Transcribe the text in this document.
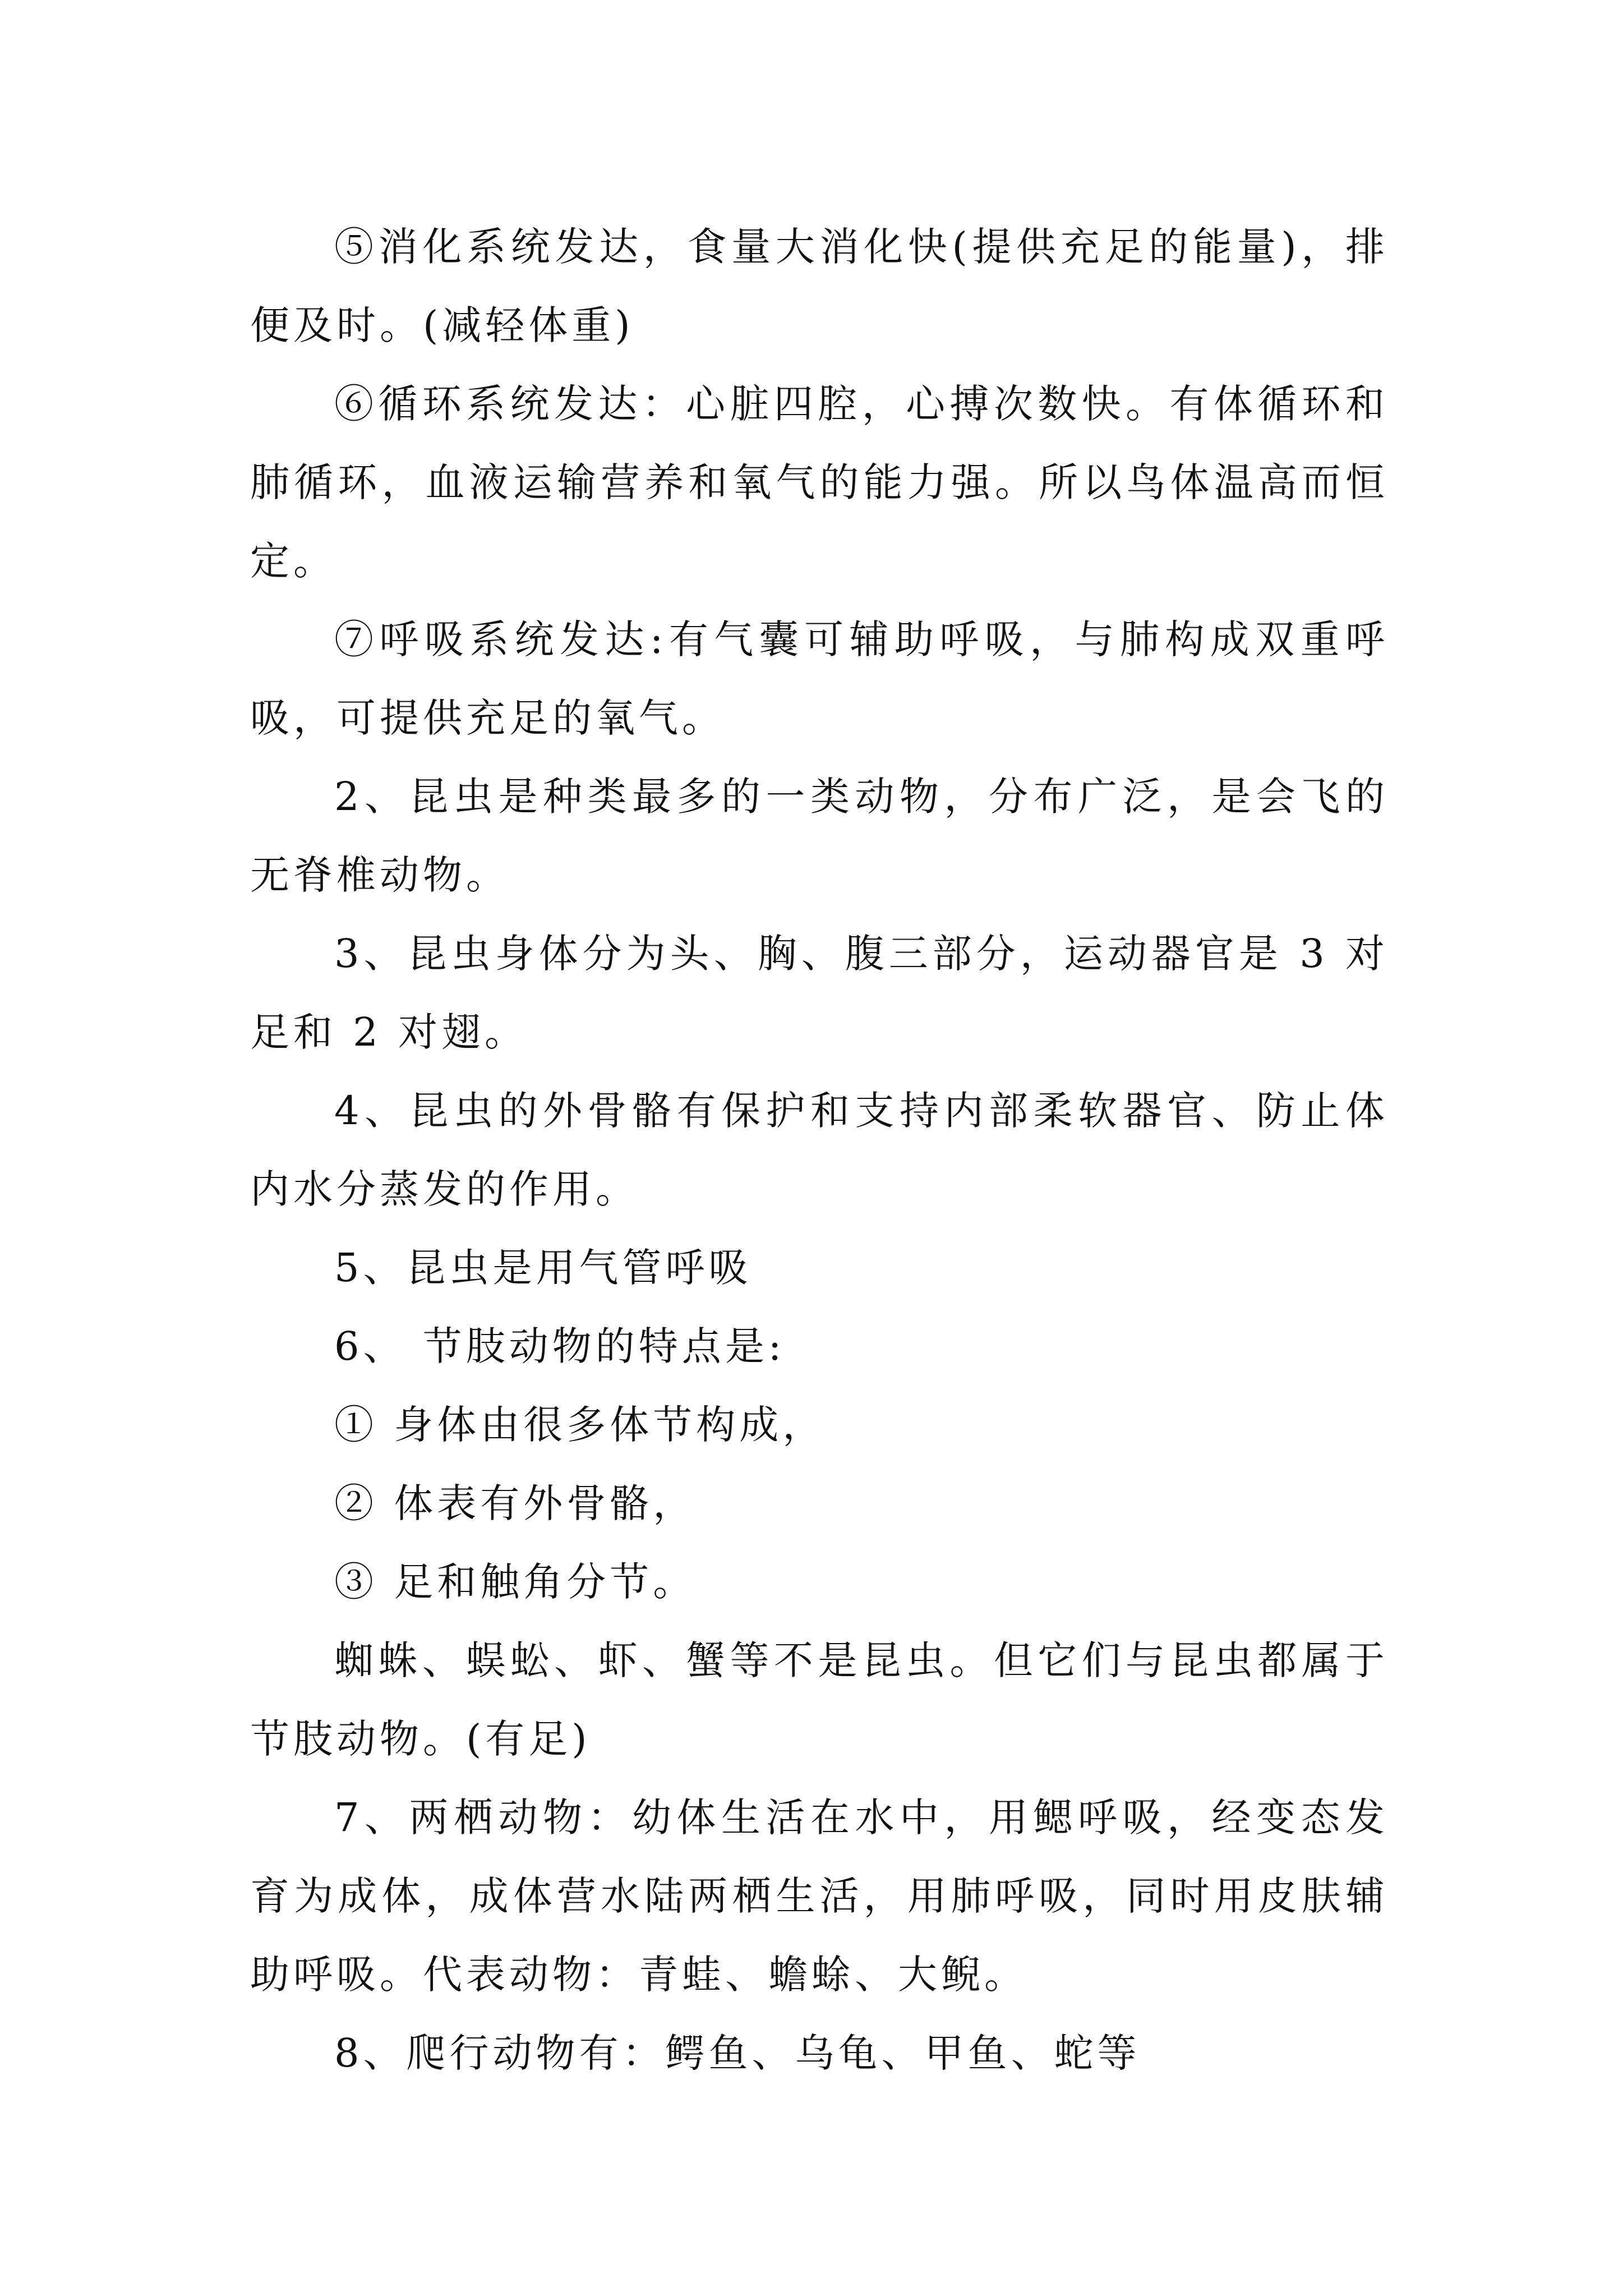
⑤消化系统发达，食量大消化快(提供充足的能量)，排
便及时。(减轻体重)
⑥循环系统发达：心脏四腔，心搏次数快。有体循环和
肺循环，血液运输营养和氧气的能力强。所以鸟体温高而恒
定。
⑦呼吸系统发达:有气囊可辅助呼吸，与肺构成双重呼
吸，可提供充足的氧气。
2、昆虫是种类最多的一类动物，分布广泛，是会飞的
无脊椎动物。
3、昆虫身体分为头、胸、腹三部分，运动器官是 3 对
足和 2 对翅。
4、昆虫的外骨骼有保护和支持内部柔软器官、防止体
内水分蒸发的作用。
5、昆虫是用气管呼吸
6、 节肢动物的特点是:
① 身体由很多体节构成，
② 体表有外骨骼，
③ 足和触角分节。
蜘蛛、蜈蚣、虾、蟹等不是昆虫。但它们与昆虫都属于
节肢动物。(有足)
7、两栖动物：幼体生活在水中，用鳃呼吸，经变态发
育为成体，成体营水陆两栖生活，用肺呼吸，同时用皮肤辅
助呼吸。代表动物：青蛙、蟾蜍、大鲵。
8、爬行动物有：鳄鱼、乌龟、甲鱼、蛇等
